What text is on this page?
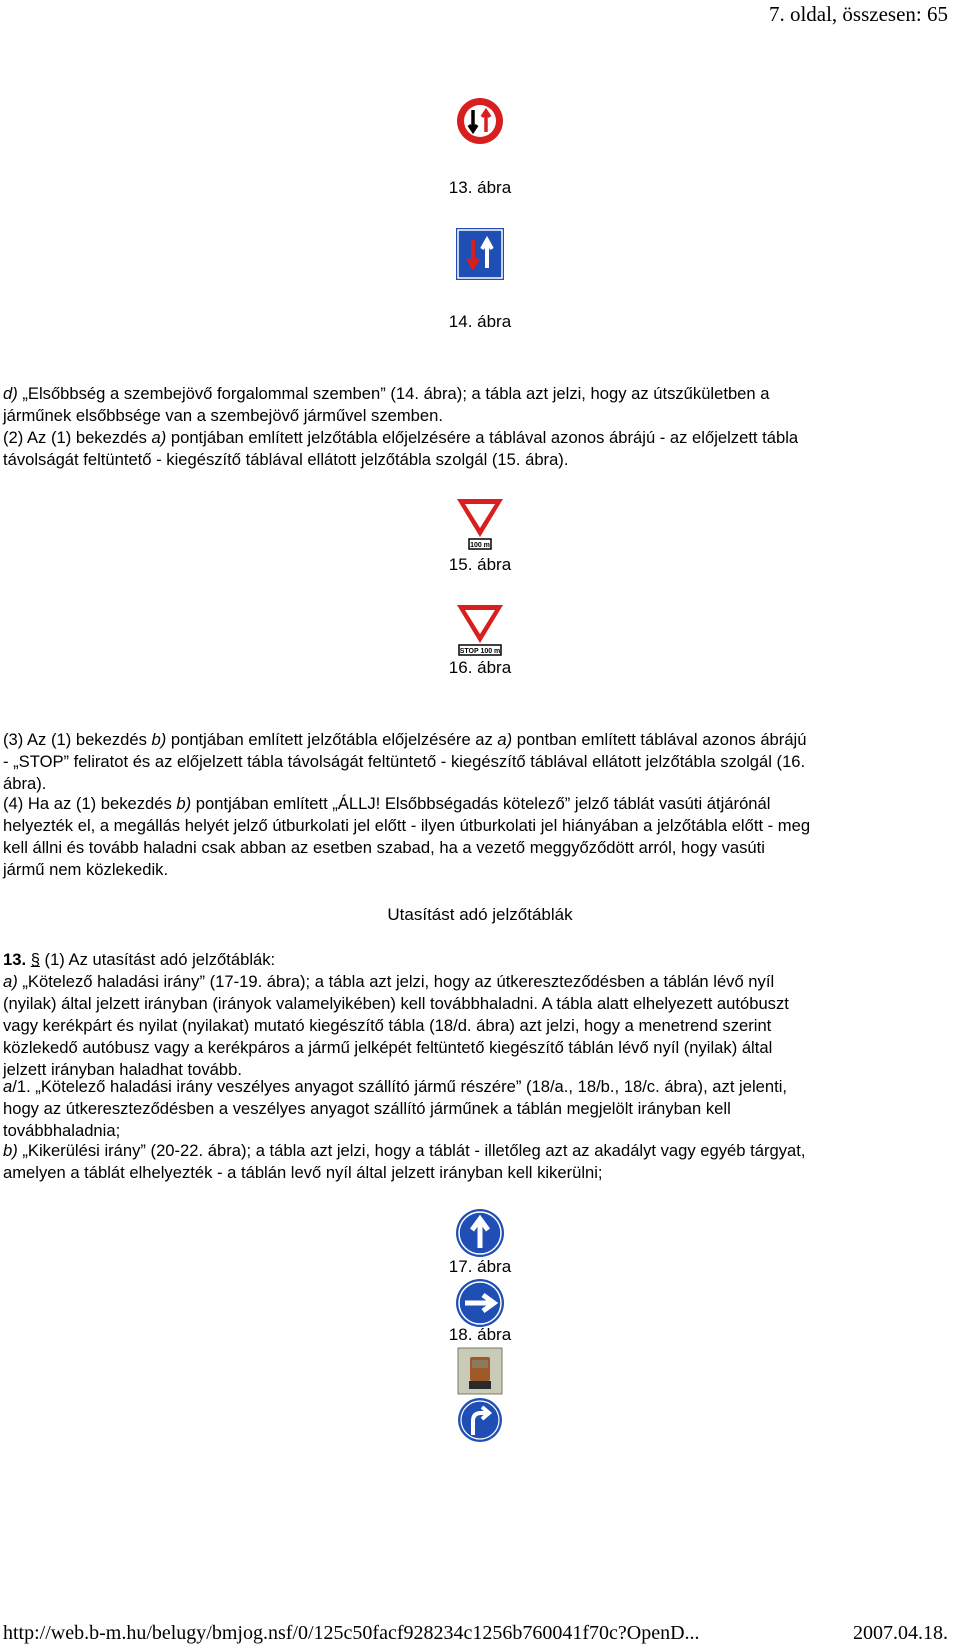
7. oldal, összesen: 65
13. ábra
14. ábra
d) „Elsőbbség a szembejövő forgalommal szemben” (14. ábra); a tábla azt jelzi, hogy az útszűkületben a
járműnek elsőbbsége van a szembejövő járművel szemben.
(2) Az (1) bekezdés a) pontjában említett jelzőtábla előjelzésére a táblával azonos ábrájú - az előjelzett tábla
távolságát feltüntető - kiegészítő táblával ellátott jelzőtábla szolgál (15. ábra).
100 m
15. ábra
STOP 100 m
16. ábra
(3) Az (1) bekezdés b) pontjában említett jelzőtábla előjelzésére az a) pontban említett táblával azonos ábrájú
- „STOP” feliratot és az előjelzett tábla távolságát feltüntető - kiegészítő táblával ellátott jelzőtábla szolgál (16.
ábra).
(4) Ha az (1) bekezdés b) pontjában említett „ÁLLJ! Elsőbbségadás kötelező” jelző táblát vasúti átjárónál
helyezték el, a megállás helyét jelző útburkolati jel előtt - ilyen útburkolati jel hiányában a jelzőtábla előtt - meg
kell állni és tovább haladni csak abban az esetben szabad, ha a vezető meggyőződött arról, hogy vasúti
jármű nem közlekedik.
Utasítást adó jelzőtáblák
13. § (1) Az utasítást adó jelzőtáblák:
a) „Kötelező haladási irány” (17-19. ábra); a tábla azt jelzi, hogy az útkereszteződésben a táblán lévő nyíl
(nyilak) által jelzett irányban (irányok valamelyikében) kell továbbhaladni. A tábla alatt elhelyezett autóbuszt
vagy kerékpárt és nyilat (nyilakat) mutató kiegészítő tábla (18/d. ábra) azt jelzi, hogy a menetrend szerint
közlekedő autóbusz vagy a kerékpáros a jármű jelképét feltüntető kiegészítő táblán lévő nyíl (nyilak) által
jelzett irányban haladhat tovább.
a/1. „Kötelező haladási irány veszélyes anyagot szállító jármű részére” (18/a., 18/b., 18/c. ábra), azt jelenti,
hogy az útkereszteződésben a veszélyes anyagot szállító járműnek a táblán megjelölt irányban kell
továbbhaladnia;
b) „Kikerülési irány” (20-22. ábra); a tábla azt jelzi, hogy a táblát - illetőleg azt az akadályt vagy egyéb tárgyat,
amelyen a táblát elhelyezték - a táblán levő nyíl által jelzett irányban kell kikerülni;
17. ábra
18. ábra
http://web.b-m.hu/belugy/bmjog.nsf/0/125c50facf928234c1256b760041f70c?OpenD...	2007.04.18.
